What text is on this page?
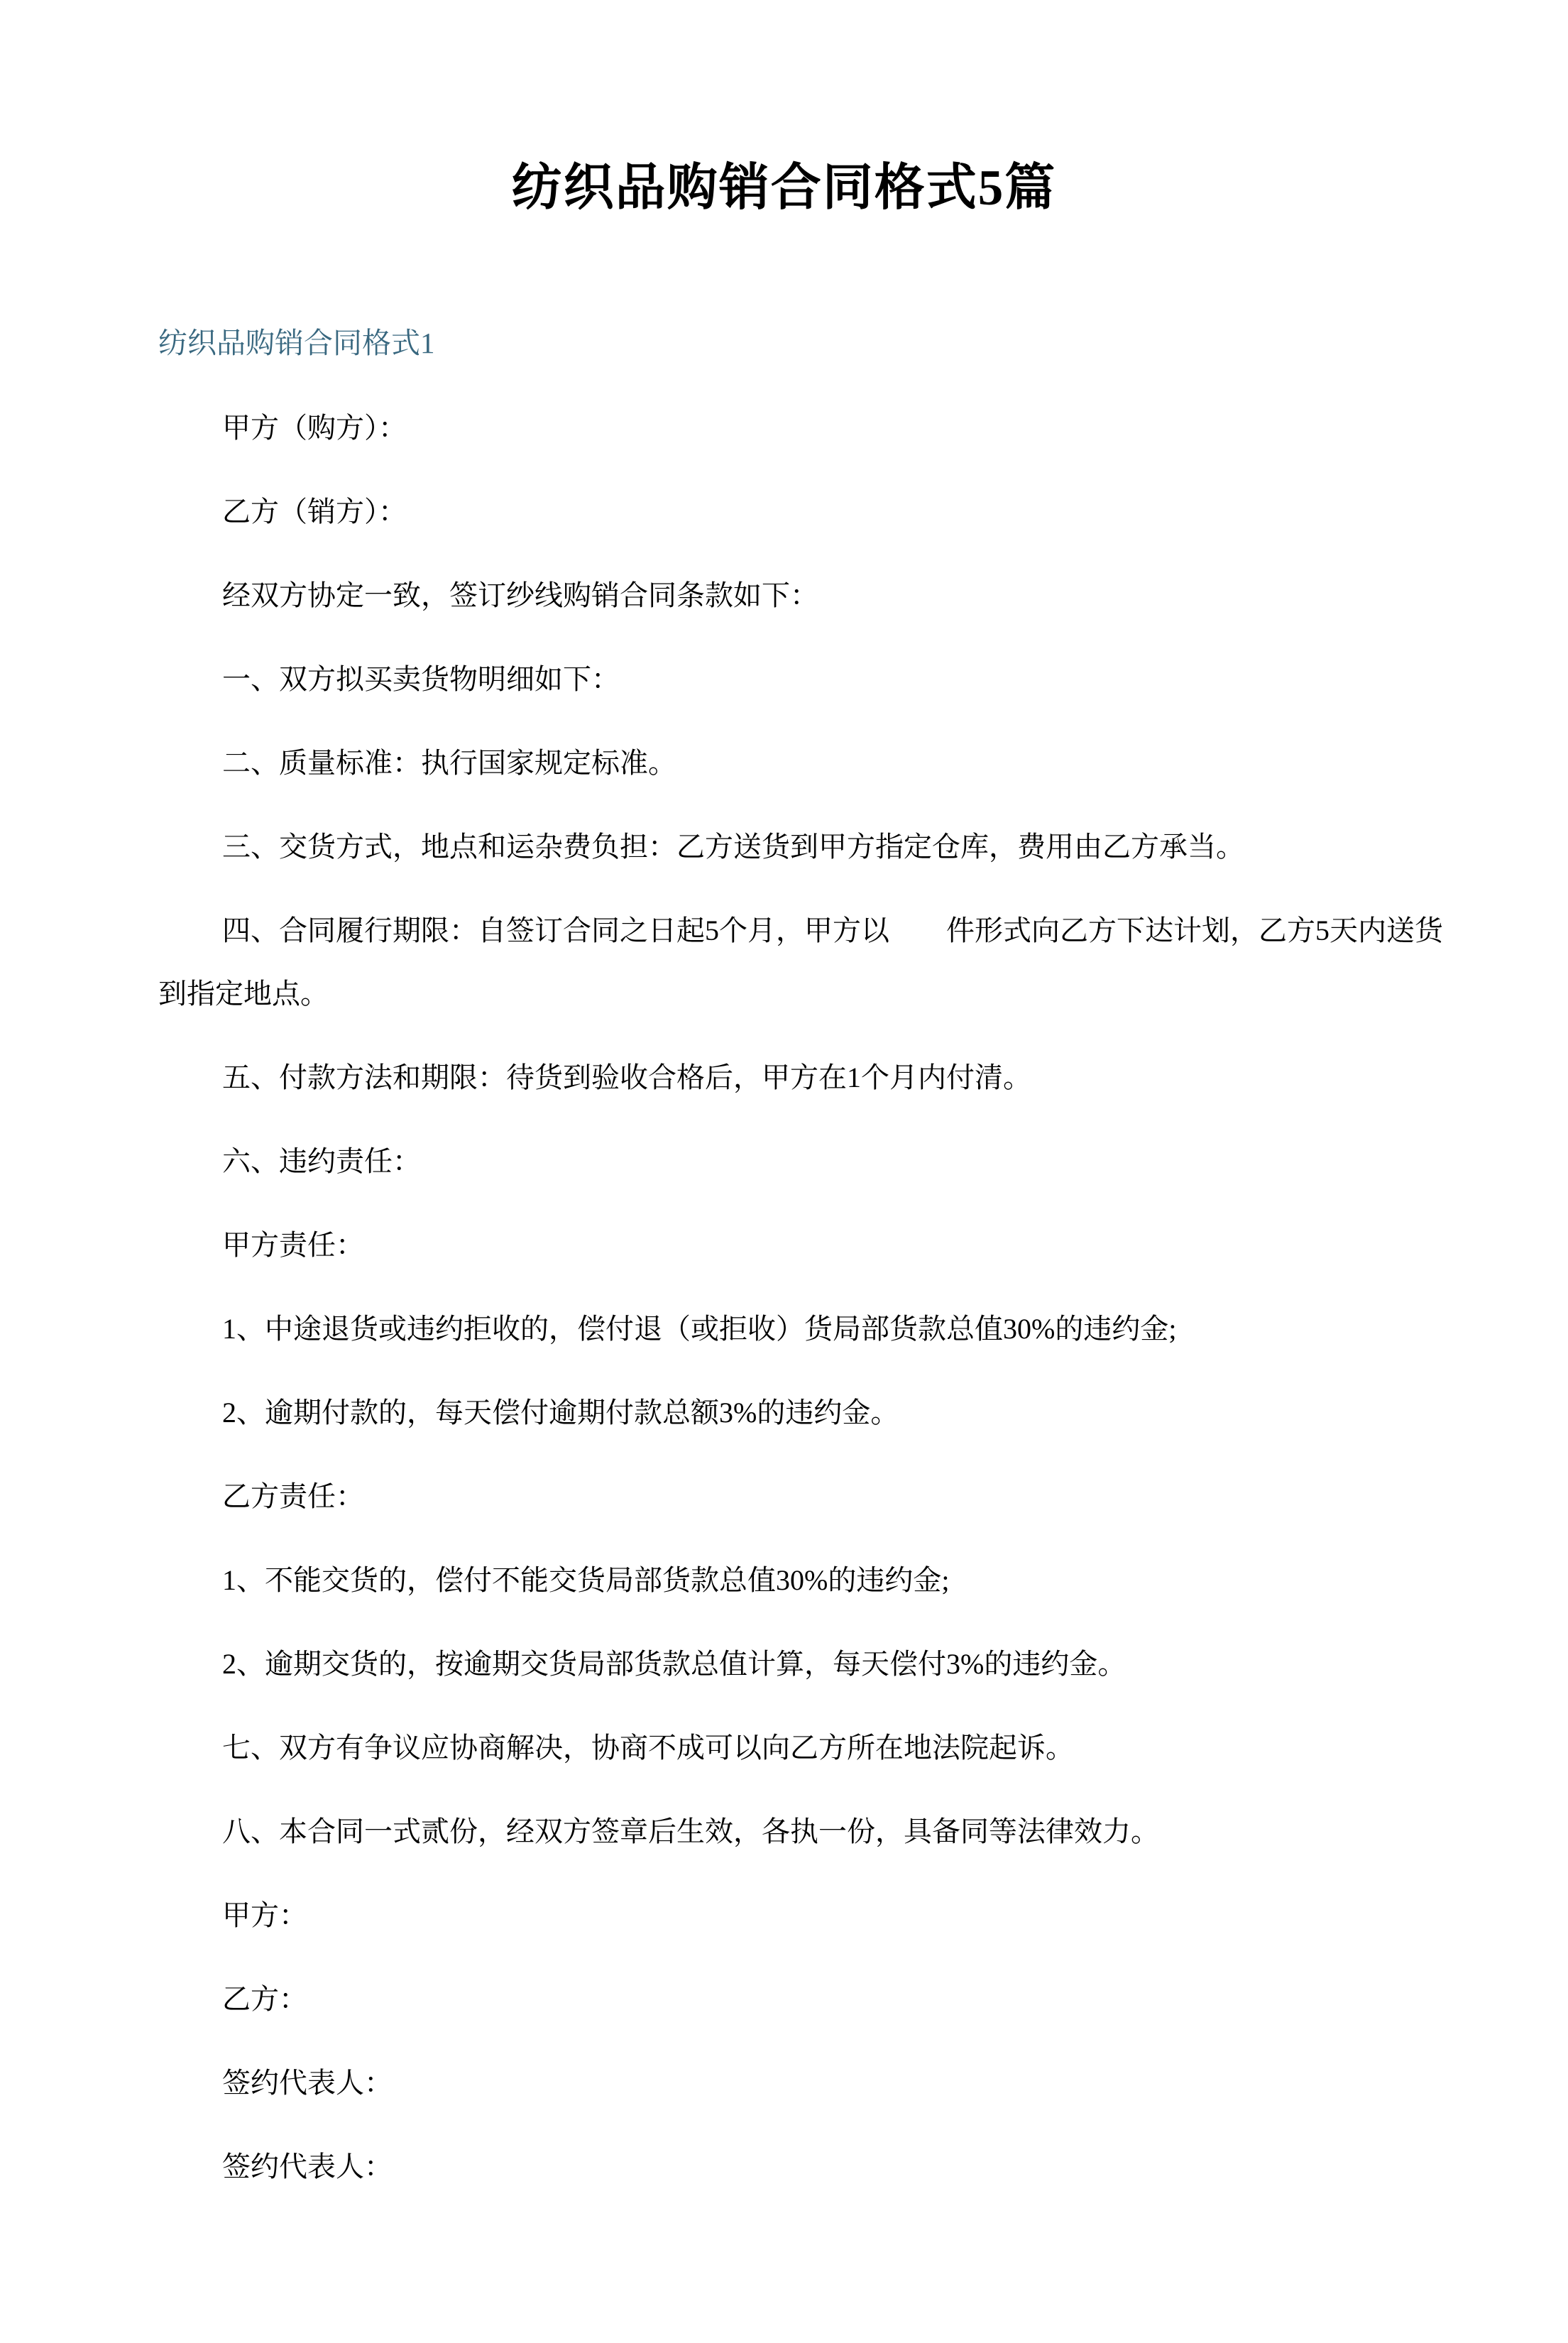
纺织品购销合同格式5篇
纺织品购销合同格式1

甲方（购方）：

乙方（销方）：

经双方协定一致，签订纱线购销合同条款如下：

一、双方拟买卖货物明细如下：

二、质量标准：执行国家规定标准。

三、交货方式，地点和运杂费负担：乙方送货到甲方指定仓库，费用由乙方承当。

四、合同履行期限：自签订合同之日起5个月，甲方以　　件形式向乙方下达计划，乙方5天内送货

到指定地点。

五、付款方法和期限：待货到验收合格后，甲方在1个月内付清。

六、违约责任：

甲方责任：

1、中途退货或违约拒收的，偿付退（或拒收）货局部货款总值30%的违约金;

2、逾期付款的，每天偿付逾期付款总额3%的违约金。

乙方责任：

1、不能交货的，偿付不能交货局部货款总值30%的违约金;

2、逾期交货的，按逾期交货局部货款总值计算，每天偿付3%的违约金。

七、双方有争议应协商解决，协商不成可以向乙方所在地法院起诉。

八、本合同一式贰份，经双方签章后生效，各执一份，具备同等法律效力。

甲方：

乙方：

签约代表人：

签约代表人：
